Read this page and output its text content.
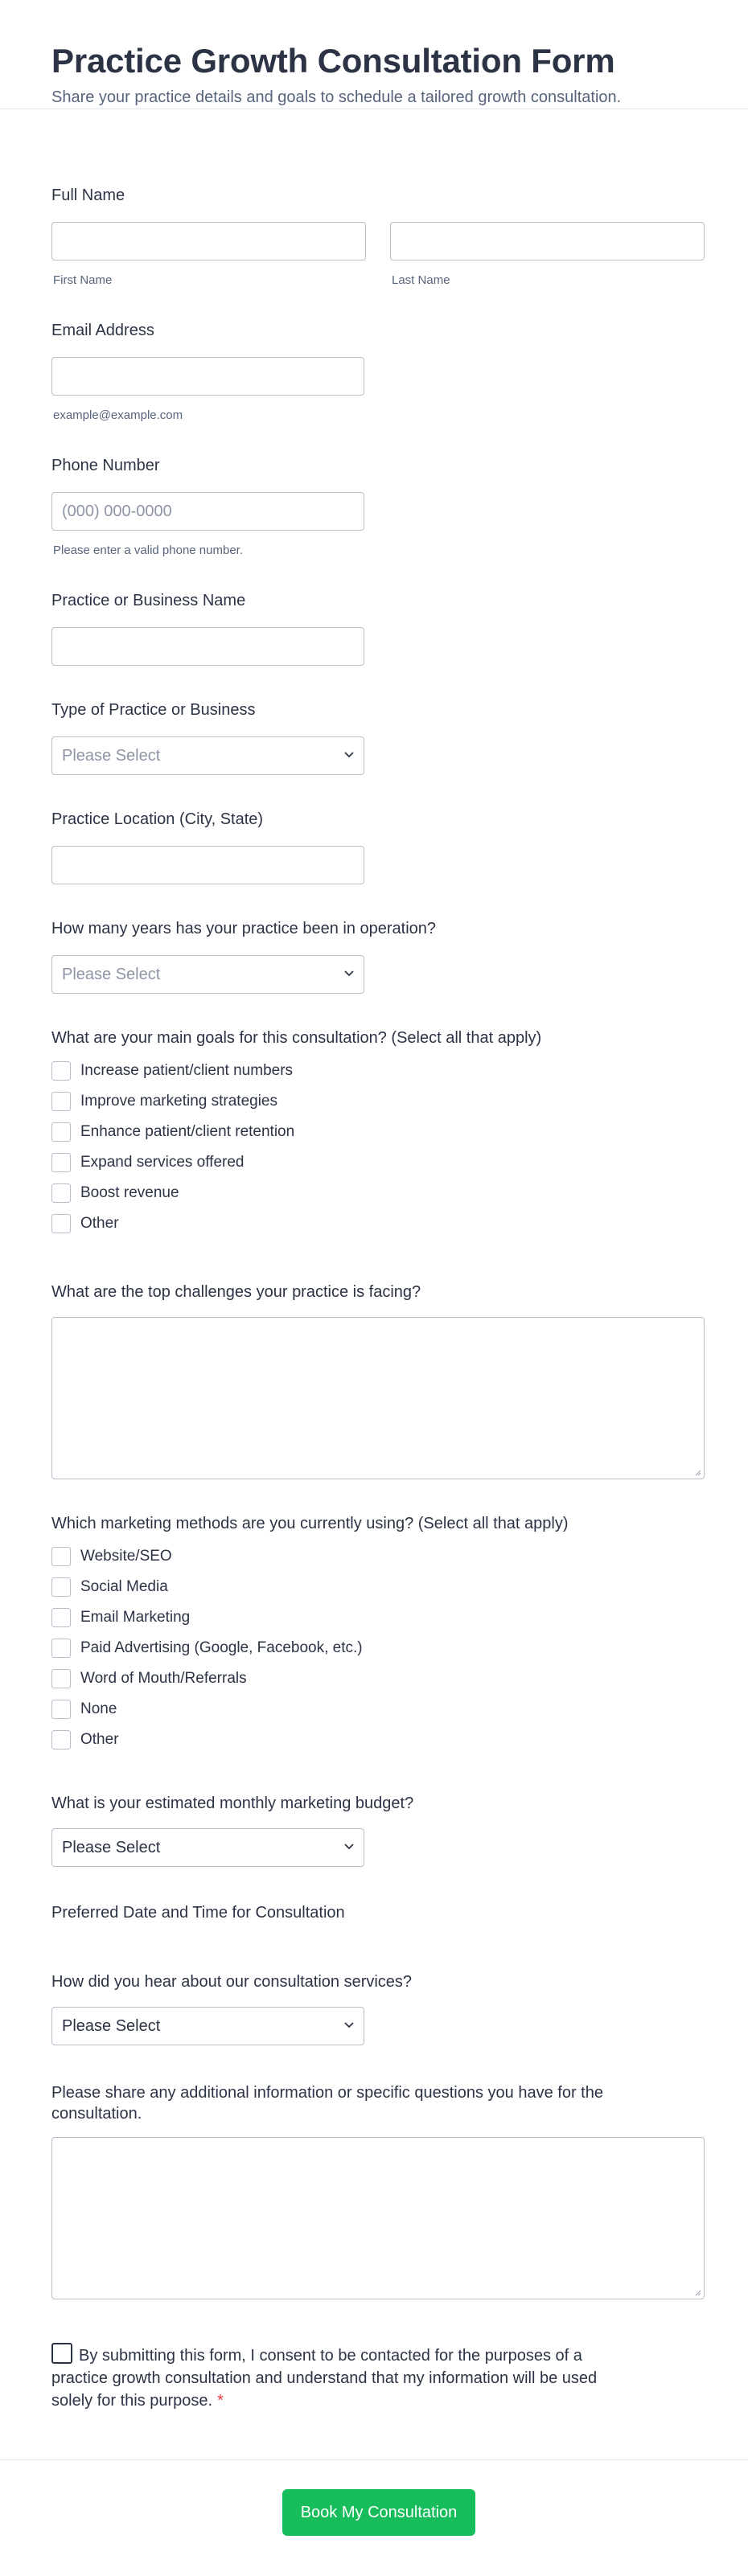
Practice Growth Consultation Form
Share your practice details and goals to schedule a tailored growth consultation.
Full Name
First Name	Last Name
Email Address
example@example.com
Phone Number
(000) 000-0000
Please enter a valid phone number.
Practice or Business Name
Type of Practice or Business
Please Select
Practice Location (City, State)
How many years has your practice been in operation?
Please Select
What are your main goals for this consultation? (Select all that apply)
Increase patient/client numbers
Improve marketing strategies
Enhance patient/client retention
Expand services offered
Boost revenue
Other
What are the top challenges your practice is facing?
Which marketing methods are you currently using? (Select all that apply)
Website/SEO
Social Media
Email Marketing
Paid Advertising (Google, Facebook, etc.)
Word of Mouth/Referrals
None
Other
What is your estimated monthly marketing budget?
Please Select
Preferred Date and Time for Consultation
How did you hear about our consultation services?
Please Select
Please share any additional information or specific questions you have for the consultation.
By submitting this form, I consent to be contacted for the purposes of a practice growth consultation and understand that my information will be used solely for this purpose. *
Book My Consultation
